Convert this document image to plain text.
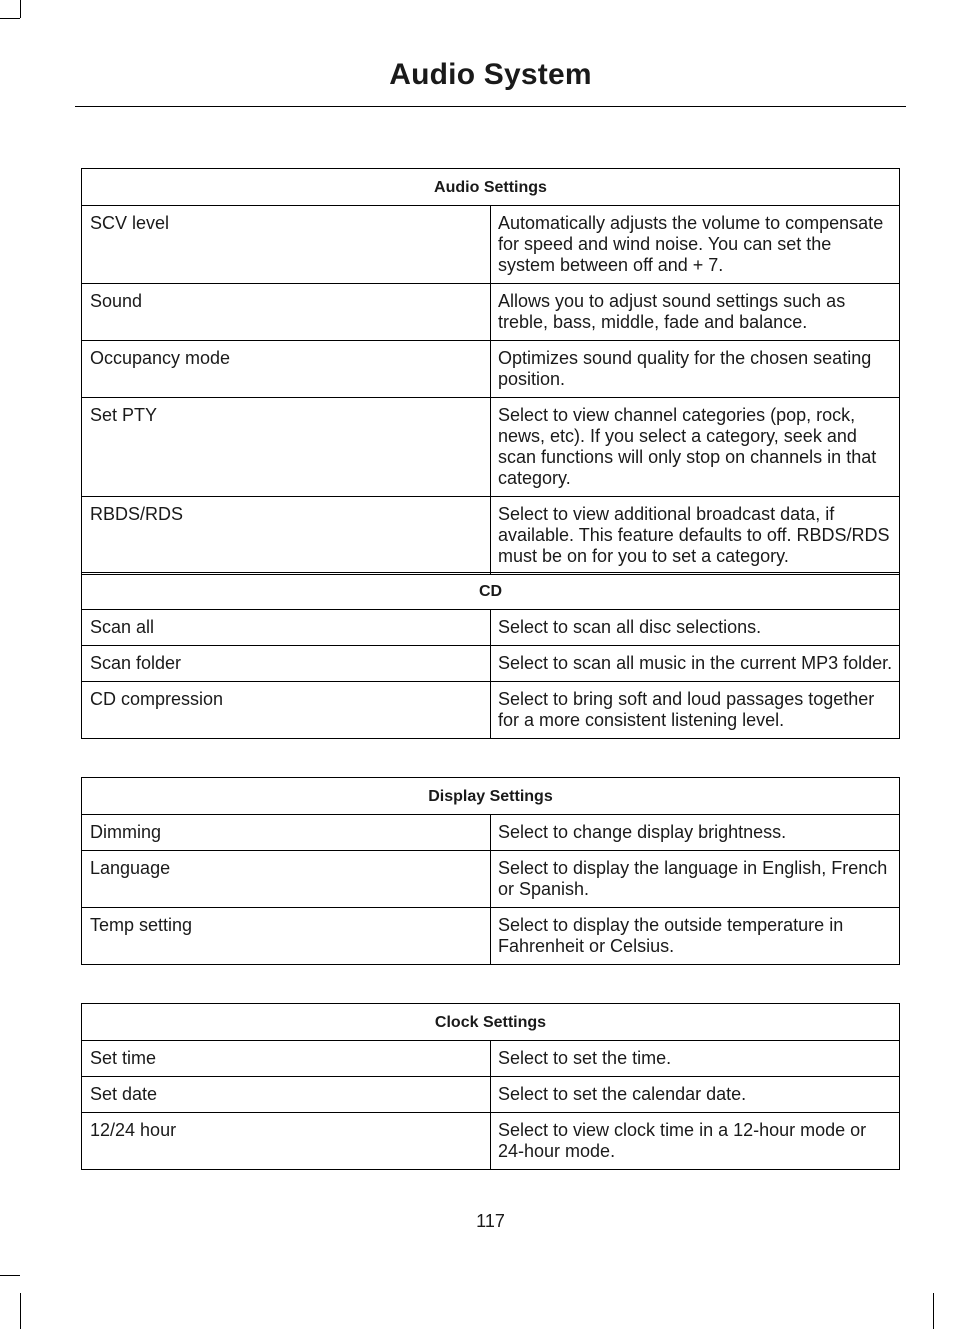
Audio System
Audio Settings	
SCV level	Automatically adjusts the volume to compensate for speed and wind noise. You can set the system between off and + 7.
Sound	Allows you to adjust sound settings such as treble, bass, middle, fade and balance.
Occupancy mode	Optimizes sound quality for the chosen seating position.
Set PTY	Select to view channel categories (pop, rock, news, etc). If you select a category, seek and scan functions will only stop on channels in that category.
RBDS/RDS	Select to view additional broadcast data, if available. This feature defaults to off. RBDS/RDS must be on for you to set a category.
CD	
Scan all	Select to scan all disc selections.
Scan folder	Select to scan all music in the current MP3 folder.
CD compression	Select to bring soft and loud passages together for a more consistent listening level.
Display Settings	
Dimming	Select to change display brightness.
Language	Select to display the language in English, French or Spanish.
Temp setting	Select to display the outside temperature in Fahrenheit or Celsius.
Clock Settings	
Set time	Select to set the time.
Set date	Select to set the calendar date.
12/24 hour	Select to view clock time in a 12-hour mode or 24-hour mode.
117
